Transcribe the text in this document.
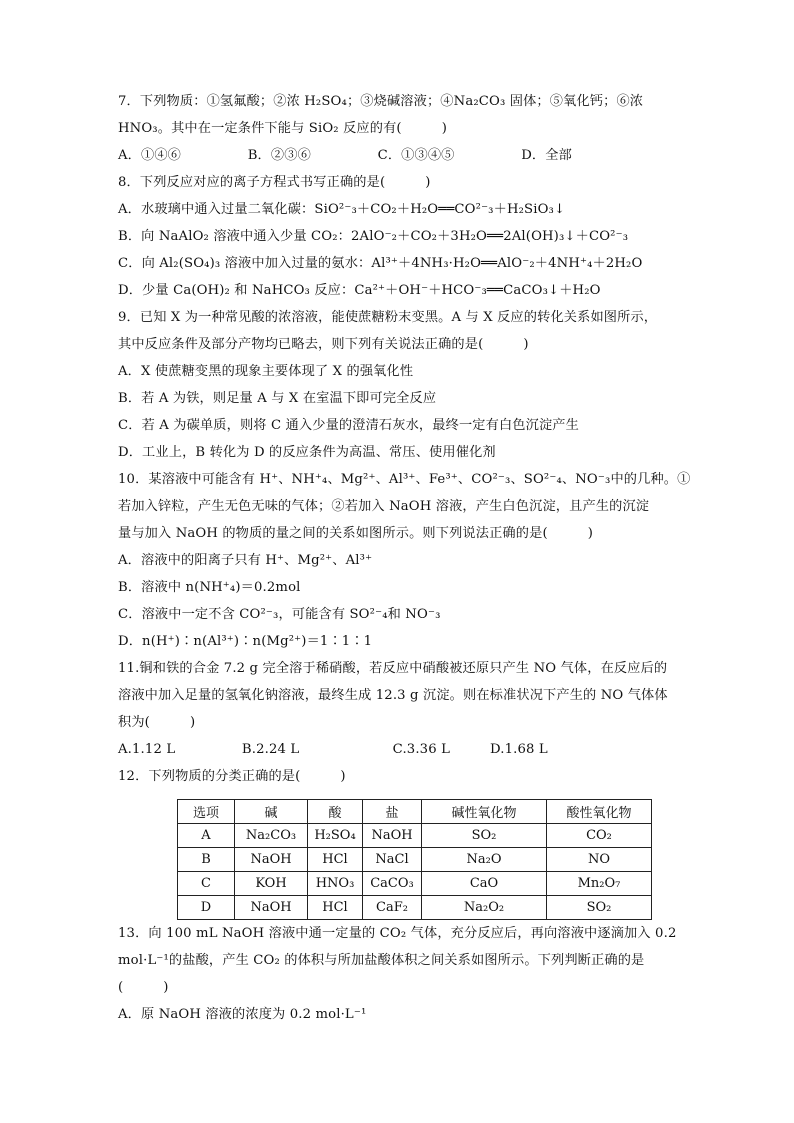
7．下列物质：①氢氟酸；②浓 H₂SO₄；③烧碱溶液；④Na₂CO₃ 固体；⑤氧化钙；⑥浓
HNO₃。其中在一定条件下能与 SiO₂ 反应的有(　　　)
A．①④⑥　　　　　B．②③⑥　　　　　C．①③④⑤　　　　　D．全部
8．下列反应对应的离子方程式书写正确的是(　　　)
A．水玻璃中通入过量二氧化碳：SiO²⁻₃＋CO₂＋H₂O══CO²⁻₃＋H₂SiO₃↓
B．向 NaAlO₂ 溶液中通入少量 CO₂：2AlO⁻₂＋CO₂＋3H₂O══2Al(OH)₃↓＋CO²⁻₃
C．向 Al₂(SO₄)₃ 溶液中加入过量的氨水：Al³⁺＋4NH₃·H₂O══AlO⁻₂＋4NH⁺₄＋2H₂O
D．少量 Ca(OH)₂ 和 NaHCO₃ 反应：Ca²⁺＋OH⁻＋HCO⁻₃══CaCO₃↓＋H₂O
9．已知 X 为一种常见酸的浓溶液，能使蔗糖粉末变黑。A 与 X 反应的转化关系如图所示，
其中反应条件及部分产物均已略去，则下列有关说法正确的是(　　　)
A．X 使蔗糖变黑的现象主要体现了 X 的强氧化性
B．若 A 为铁，则足量 A 与 X 在室温下即可完全反应
C．若 A 为碳单质，则将 C 通入少量的澄清石灰水，最终一定有白色沉淀产生
D．工业上，B 转化为 D 的反应条件为高温、常压、使用催化剂
10．某溶液中可能含有 H⁺、NH⁺₄、Mg²⁺、Al³⁺、Fe³⁺、CO²⁻₃、SO²⁻₄、NO⁻₃中的几种。①
若加入锌粒，产生无色无味的气体；②若加入 NaOH 溶液，产生白色沉淀，且产生的沉淀
量与加入 NaOH 的物质的量之间的关系如图所示。则下列说法正确的是(　　　)
A．溶液中的阳离子只有 H⁺、Mg²⁺、Al³⁺
B．溶液中 n(NH⁺₄)＝0.2mol
C．溶液中一定不含 CO²⁻₃，可能含有 SO²⁻₄和 NO⁻₃
D．n(H⁺)∶n(Al³⁺)∶n(Mg²⁺)＝1∶1∶1
11.铜和铁的合金 7.2 g 完全溶于稀硝酸，若反应中硝酸被还原只产生 NO 气体，在反应后的
溶液中加入足量的氢氧化钠溶液，最终生成 12.3 g 沉淀。则在标准状况下产生的 NO 气体体
积为(　　　)
A.1.12 L　　　　　B.2.24 L　　　　　　　C.3.36 L　　　D.1.68 L
12．下列物质的分类正确的是(　　　)
13．向 100 mL NaOH 溶液中通一定量的 CO₂ 气体，充分反应后，再向溶液中逐滴加入 0.2
mol·L⁻¹的盐酸，产生 CO₂ 的体积与所加盐酸体积之间关系如图所示。下列判断正确的是
(　　　)
A．原 NaOH 溶液的浓度为 0.2 mol·L⁻¹
选项	碱	酸	盐	碱性氧化物	酸性氧化物
A	Na₂CO₃	H₂SO₄	NaOH	SO₂	CO₂
B	NaOH	HCl	NaCl	Na₂O	NO
C	KOH	HNO₃	CaCO₃	CaO	Mn₂O₇
D	NaOH	HCl	CaF₂	Na₂O₂	SO₂
